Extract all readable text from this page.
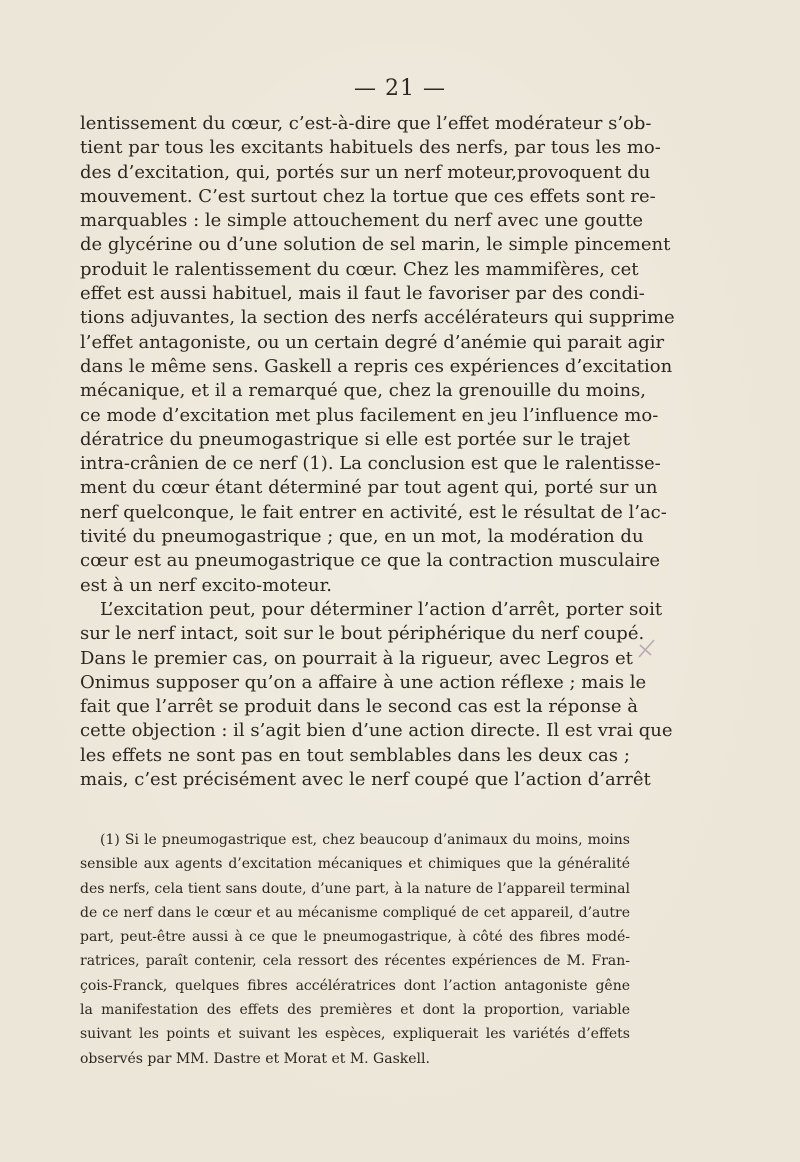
— 21 —
lentissement du cœur, c’est-à-dire que l’effet modérateur s’ob-
tient par tous les excitants habituels des nerfs, par tous les mo-
des d’excitation, qui, portés sur un nerf moteur,provoquent du
mouvement. C’est surtout chez la tortue que ces effets sont re-
marquables : le simple attouchement du nerf avec une goutte
de glycérine ou d’une solution de sel marin, le simple pincement
produit le ralentissement du cœur. Chez les mammifères, cet
effet est aussi habituel, mais il faut le favoriser par des condi-
tions adjuvantes, la section des nerfs accélérateurs qui supprime
l’effet antagoniste, ou un certain degré d’anémie qui parait agir
dans le même sens. Gaskell a repris ces expériences d’excitation
mécanique, et il a remarqué que, chez la grenouille du moins,
ce mode d’excitation met plus facilement en jeu l’influence mo-
dératrice du pneumogastrique si elle est portée sur le trajet
intra-crânien de ce nerf (1). La conclusion est que le ralentisse-
ment du cœur étant déterminé par tout agent qui, porté sur un
nerf quelconque, le fait entrer en activité, est le résultat de l’ac-
tivité du pneumogastrique ; que, en un mot, la modération du
cœur est au pneumogastrique ce que la contraction musculaire
est à un nerf excito-moteur.
L’excitation peut, pour déterminer l’action d’arrêt, porter soit
sur le nerf intact, soit sur le bout périphérique du nerf coupé.
Dans le premier cas, on pourrait à la rigueur, avec Legros et
Onimus supposer qu’on a affaire à une action réflexe ; mais le
fait que l’arrêt se produit dans le second cas est la réponse à
cette objection : il s’agit bien d’une action directe. Il est vrai que
les effets ne sont pas en tout semblables dans les deux cas ;
mais, c’est précisément avec le nerf coupé que l’action d’arrêt
(1) Si le pneumogastrique est, chez beaucoup d’animaux du moins, moins
sensible aux agents d’excitation mécaniques et chimiques que la généralité
des nerfs, cela tient sans doute, d’une part, à la nature de l’appareil terminal
de ce nerf dans le cœur et au mécanisme compliqué de cet appareil, d’autre
part, peut-être aussi à ce que le pneumogastrique, à côté des fibres modé-
ratrices, paraît contenir, cela ressort des récentes expériences de M. Fran-
çois-Franck, quelques fibres accélératrices dont l’action antagoniste gêne
la manifestation des effets des premières et dont la proportion, variable
suivant les points et suivant les espèces, expliquerait les variétés d’effets
observés par MM. Dastre et Morat et M. Gaskell.
